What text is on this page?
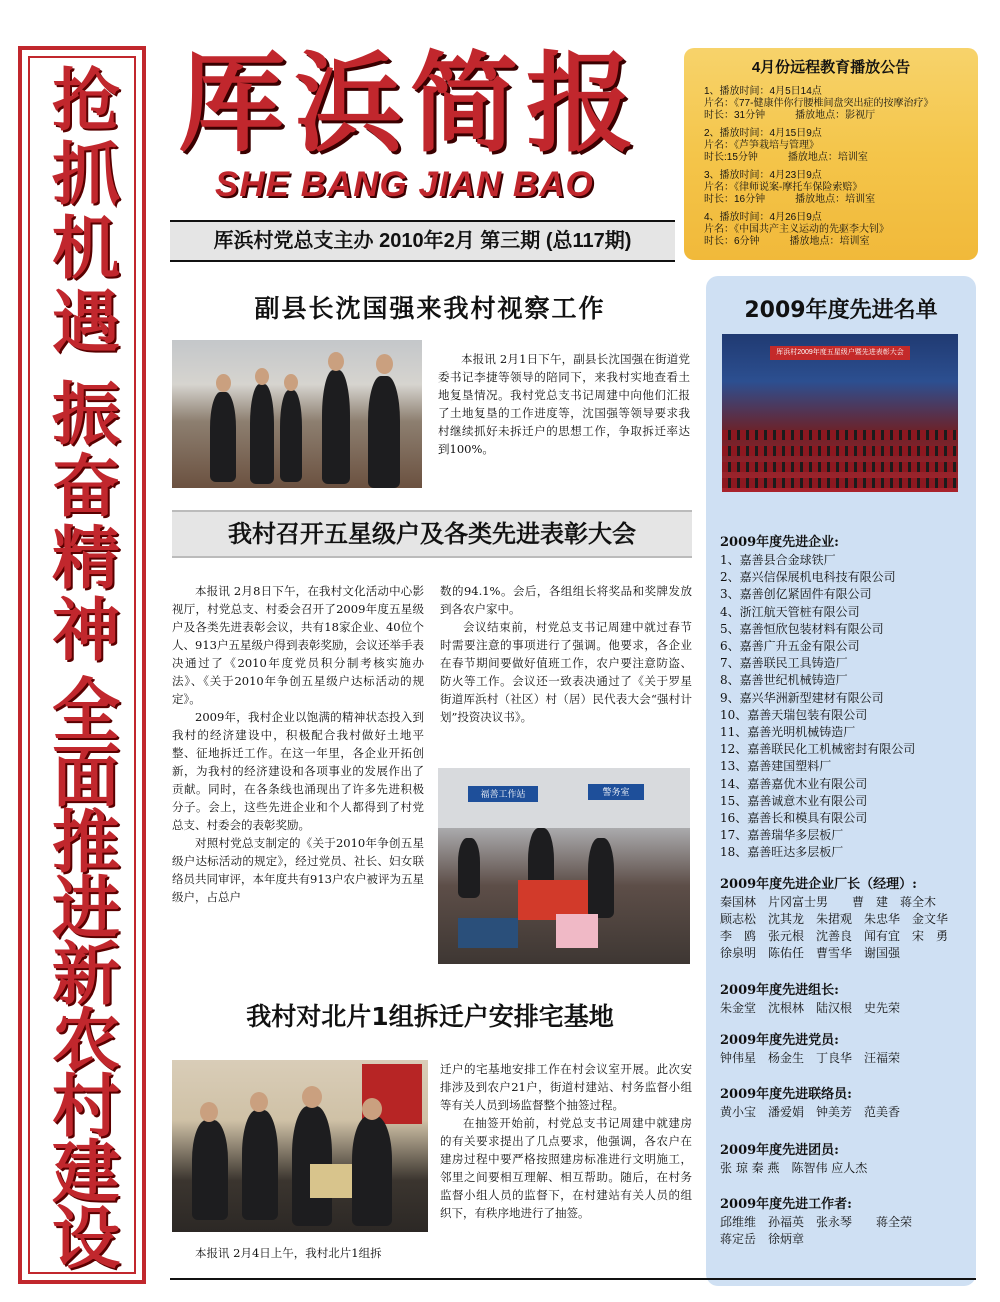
抢
抓
机
遇
振
奋
精
神
全
面
推
进
新
农
村
建
设
厍浜简报
SHE BANG JIAN BAO
厍浜村党总支主办 2010年2月 第三期 (总117期)
4月份远程教育播放公告
1、播放时间：4月5日14点
片名：《77-健康伴你行腰椎间盘突出症的按摩治疗》
时长：31分钟　　　播放地点：影视厅
2、播放时间：4月15日9点
片名：《芦笋栽培与管理》
时长:15分钟　　　播放地点：培训室
3、播放时间：4月23日9点
片名：《律师说案-摩托车保险索赔》
时长：16分钟　　　播放地点：培训室
4、播放时间：4月26日9点
片名：《中国共产主义运动的先驱李大钊》
时长：6分钟　　　播放地点：培训室
副县长沈国强来我村视察工作

本报讯 2月1日下午，副县长沈国强在街道党委书记李捷等领导的陪同下，来我村实地查看土地复垦情况。我村党总支书记周建中向他们汇报了土地复垦的工作进度等，沈国强等领导要求我村继续抓好未拆迁户的思想工作，争取拆迁率达到100%。

我村召开五星级户及各类先进表彰大会

本报讯 2月8日下午，在我村文化活动中心影视厅，村党总支、村委会召开了2009年度五星级户及各类先进表彰会议，共有18家企业、40位个人、913户五星级户得到表彰奖励，会议还举手表决通过了《2010年度党员积分制考核实施办法》、《关于2010年争创五星级户达标活动的规定》。

2009年，我村企业以饱满的精神状态投入到我村的经济建设中，积极配合我村做好土地平整、征地拆迁工作。在这一年里，各企业开拓创新，为我村的经济建设和各项事业的发展作出了贡献。同时，在各条线也涌现出了许多先进积极分子。会上，这些先进企业和个人都得到了村党总支、村委会的表彰奖励。

对照村党总支制定的《关于2010年争创五星级户达标活动的规定》，经过党员、社长、妇女联络员共同审评，本年度共有913户农户被评为五星级户，占总户

数的94.1%。会后，各组组长将奖品和奖牌发放到各农户家中。

会议结束前，村党总支书记周建中就过春节时需要注意的事项进行了强调。他要求，各企业在春节期间要做好值班工作，农户要注意防盗、防火等工作。会议还一致表决通过了《关于罗星街道厍浜村（社区）村（居）民代表大会“强村计划”投资决议书》。

福善工作站	警务室
我村对北片1组拆迁户安排宅基地

本报讯 2月4日上午，我村北片1组拆

迁户的宅基地安排工作在村会议室开展。此次安排涉及到农户21户，街道村建站、村务监督小组等有关人员到场监督整个抽签过程。

在抽签开始前，村党总支书记周建中就建房的有关要求提出了几点要求，他强调，各农户在建房过程中要严格按照建房标准进行文明施工，邻里之间要相互理解、相互帮助。随后，在村务监督小组人员的监督下，在村建站有关人员的组织下，有秩序地进行了抽签。

2009年度先进名单
厍浜村2009年度五星级户暨先进表彰大会
2009年度先进企业:
1、嘉善县合金球铁厂
2、嘉兴信保展机电科技有限公司
3、嘉善创亿紧固件有限公司
4、浙江航天管桩有限公司
5、嘉善恒欣包装材料有限公司
6、嘉善广升五金有限公司
7、嘉善联民工具铸造厂
8、嘉善世纪机械铸造厂
9、嘉兴华洲新型建材有限公司
10、嘉善天瑞包装有限公司
11、嘉善光明机械铸造厂
12、嘉善联民化工机械密封有限公司
13、嘉善建国塑料厂
14、嘉善嘉优木业有限公司
15、嘉善诚意木业有限公司
16、嘉善长和模具有限公司
17、嘉善瑞华多层板厂
18、嘉善旺达多层板厂
2009年度先进企业厂长（经理）:
秦国林　片冈富士男　　曹　建　蒋全木
顾志松　沈其龙　朱捃观　朱忠华　金文华
李　鸥　张元根　沈善良　闻有宜　宋　勇
徐泉明　陈佑任　曹雪华　谢国强
2009年度先进组长:
朱金堂　沈根林　陆汉根　史先荣
2009年度先进党员:
钟伟星　杨金生　丁良华　汪福荣
2009年度先进联络员:
黄小宝　潘爱娟　钟美芳　范美香
2009年度先进团员:
张 琼 秦 燕　陈智伟 应人杰
2009年度先进工作者:
邱维维　孙福英　张永琴　　蒋全荣
蒋定岳　徐炳章
